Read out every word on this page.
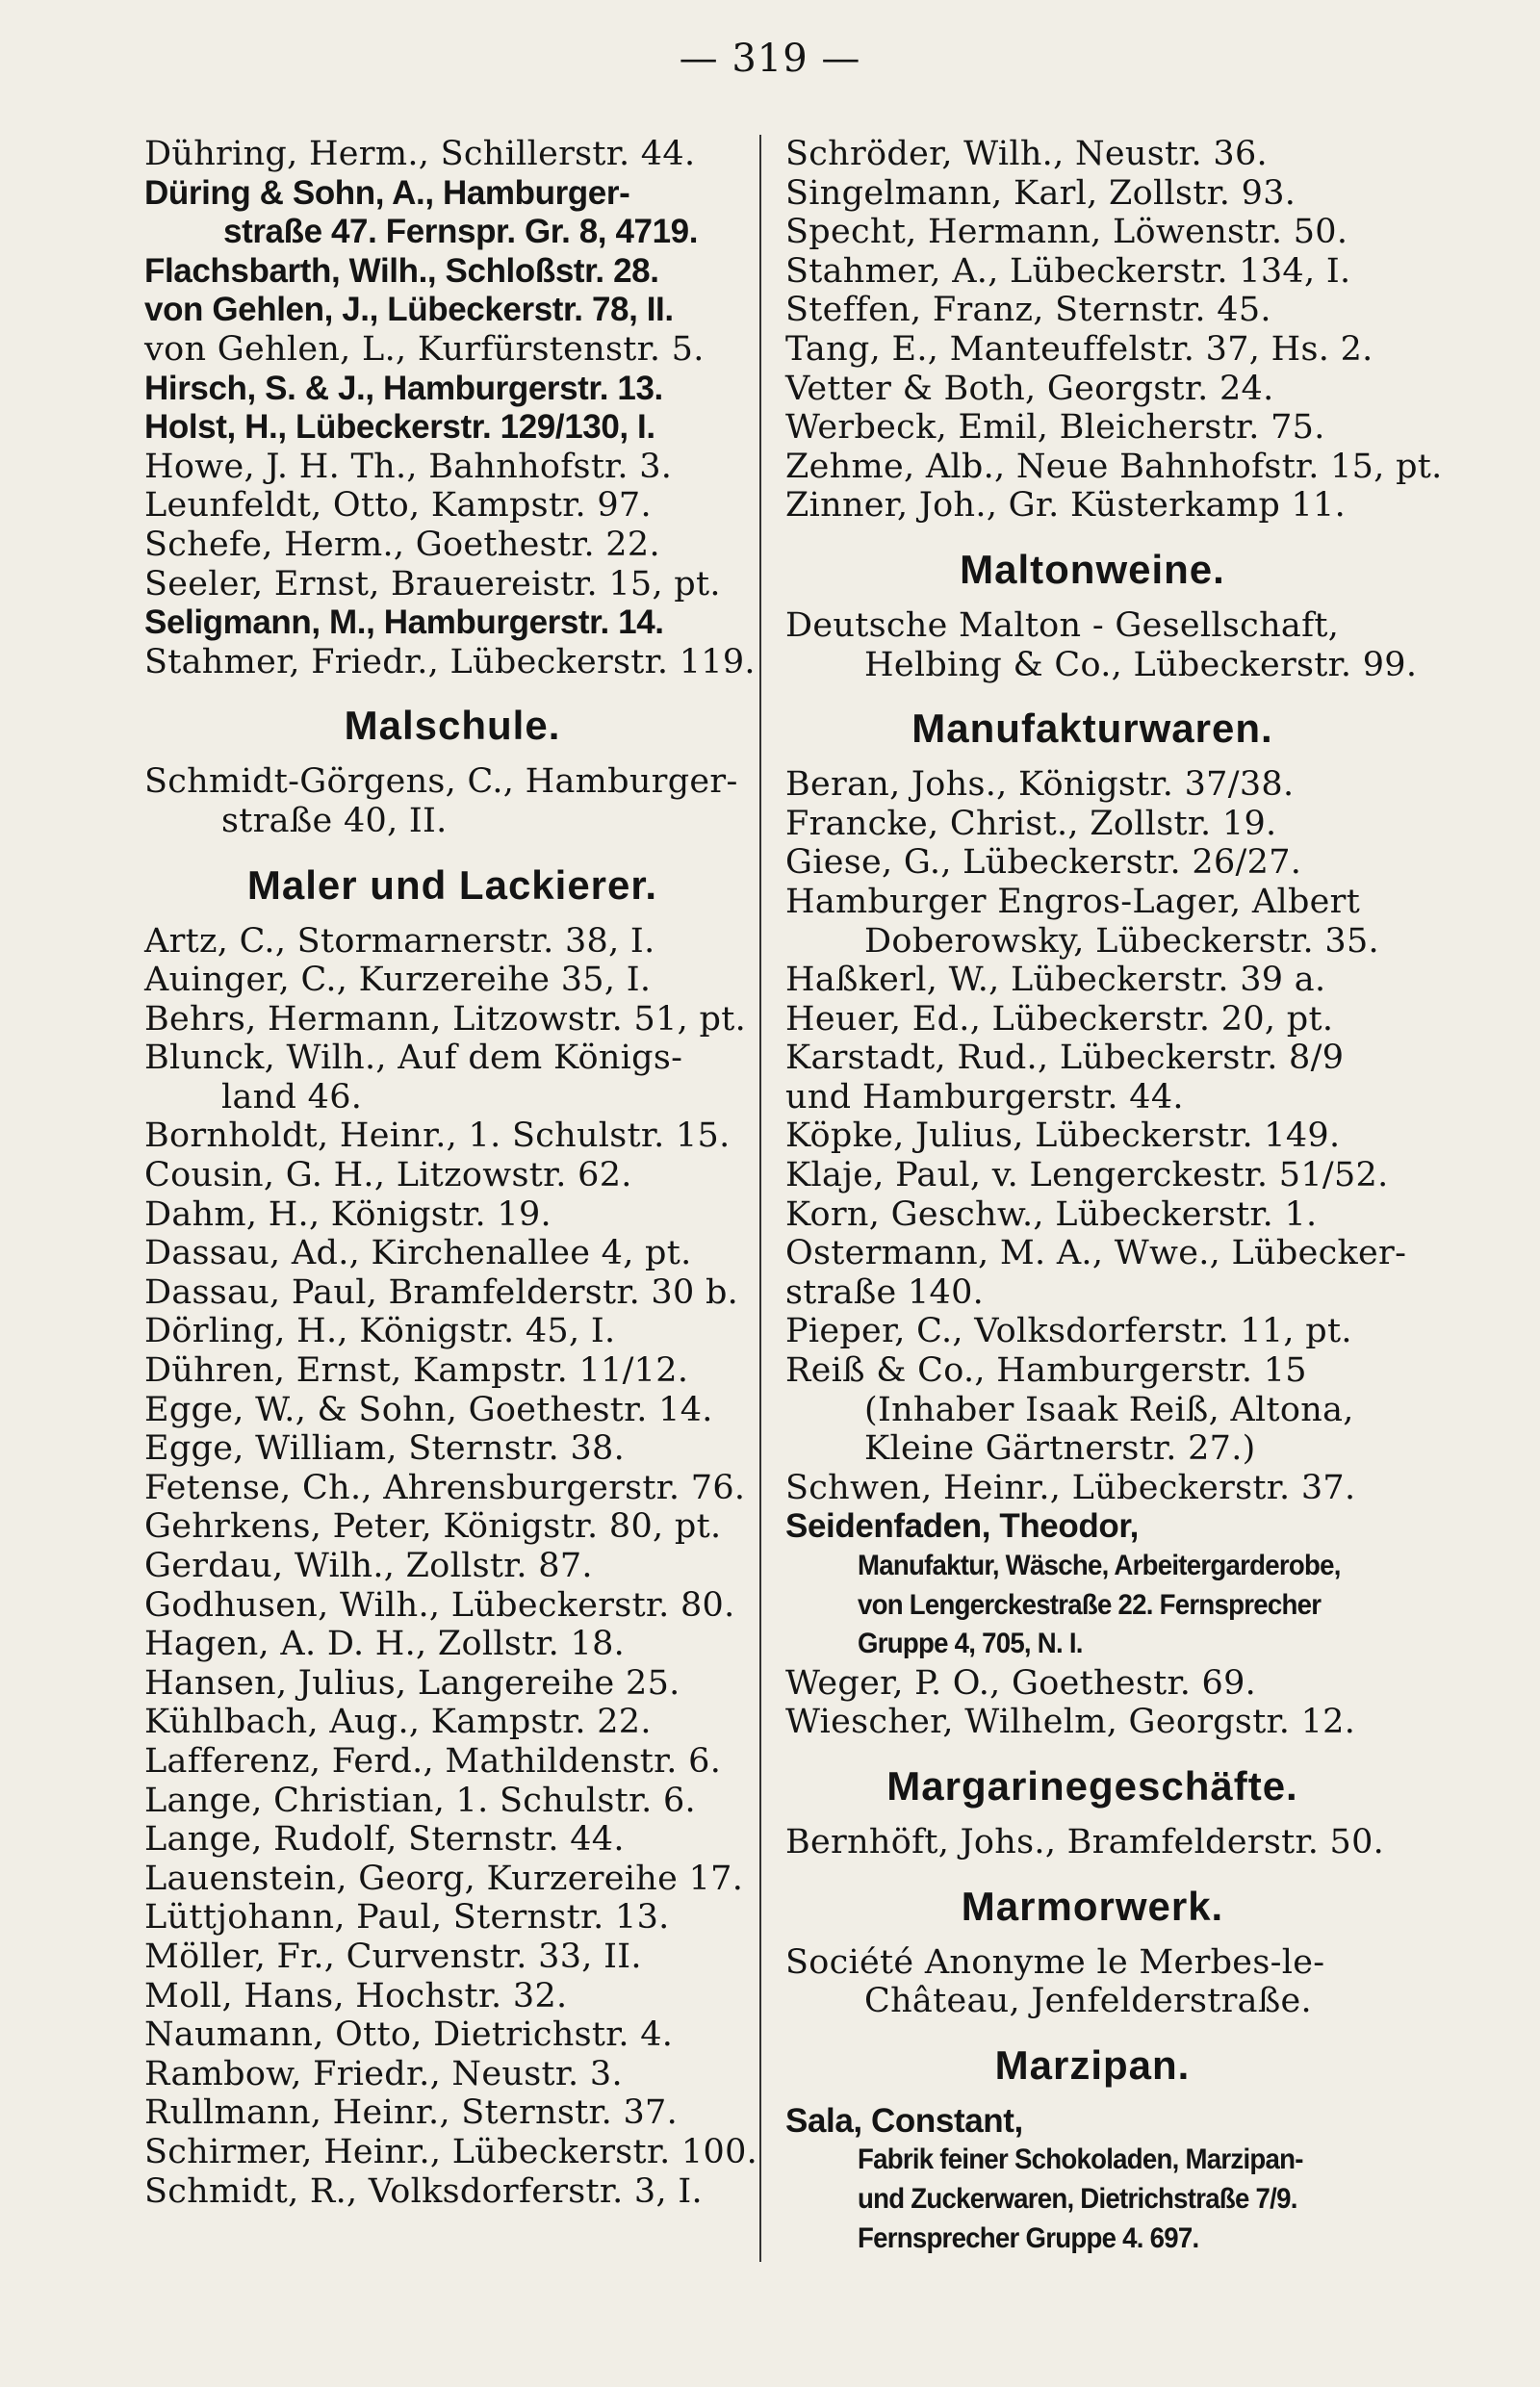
— 319 —
Dühring, Herm., Schillerstr. 44.
Düring & Sohn, A., Hamburger-
straße 47. Fernspr. Gr. 8, 4719.
Flachsbarth, Wilh., Schloßstr. 28.
von Gehlen, J., Lübeckerstr. 78, II.
von Gehlen, L., Kurfürstenstr. 5.
Hirsch, S. & J., Hamburgerstr. 13.
Holst, H., Lübeckerstr. 129/130, I.
Howe, J. H. Th., Bahnhofstr. 3.
Leunfeldt, Otto, Kampstr. 97.
Schefe, Herm., Goethestr. 22.
Seeler, Ernst, Brauereistr. 15, pt.
Seligmann, M., Hamburgerstr. 14.
Stahmer, Friedr., Lübeckerstr. 119.
Malschule.
Schmidt-Görgens, C., Hamburger-
straße 40, II.
Maler und Lackierer.
Artz, C., Stormarnerstr. 38, I.
Auinger, C., Kurzereihe 35, I.
Behrs, Hermann, Litzowstr. 51, pt.
Blunck, Wilh., Auf dem Königs-
land 46.
Bornholdt, Heinr., 1. Schulstr. 15.
Cousin, G. H., Litzowstr. 62.
Dahm, H., Königstr. 19.
Dassau, Ad., Kirchenallee 4, pt.
Dassau, Paul, Bramfelderstr. 30 b.
Dörling, H., Königstr. 45, I.
Dühren, Ernst, Kampstr. 11/12.
Egge, W., & Sohn, Goethestr. 14.
Egge, William, Sternstr. 38.
Fetense, Ch., Ahrensburgerstr. 76.
Gehrkens, Peter, Königstr. 80, pt.
Gerdau, Wilh., Zollstr. 87.
Godhusen, Wilh., Lübeckerstr. 80.
Hagen, A. D. H., Zollstr. 18.
Hansen, Julius, Langereihe 25.
Kühlbach, Aug., Kampstr. 22.
Lafferenz, Ferd., Mathildenstr. 6.
Lange, Christian, 1. Schulstr. 6.
Lange, Rudolf, Sternstr. 44.
Lauenstein, Georg, Kurzereihe 17.
Lüttjohann, Paul, Sternstr. 13.
Möller, Fr., Curvenstr. 33, II.
Moll, Hans, Hochstr. 32.
Naumann, Otto, Dietrichstr. 4.
Rambow, Friedr., Neustr. 3.
Rullmann, Heinr., Sternstr. 37.
Schirmer, Heinr., Lübeckerstr. 100.
Schmidt, R., Volksdorferstr. 3, I.
Schröder, Wilh., Neustr. 36.
Singelmann, Karl, Zollstr. 93.
Specht, Hermann, Löwenstr. 50.
Stahmer, A., Lübeckerstr. 134, I.
Steffen, Franz, Sternstr. 45.
Tang, E., Manteuffelstr. 37, Hs. 2.
Vetter & Both, Georgstr. 24.
Werbeck, Emil, Bleicherstr. 75.
Zehme, Alb., Neue Bahnhofstr. 15, pt.
Zinner, Joh., Gr. Küsterkamp 11.
Maltonweine.
Deutsche Malton - Gesellschaft,
Helbing & Co., Lübeckerstr. 99.
Manufakturwaren.
Beran, Johs., Königstr. 37/38.
Francke, Christ., Zollstr. 19.
Giese, G., Lübeckerstr. 26/27.
Hamburger Engros-Lager, Albert
Doberowsky, Lübeckerstr. 35.
Haßkerl, W., Lübeckerstr. 39 a.
Heuer, Ed., Lübeckerstr. 20, pt.
Karstadt, Rud., Lübeckerstr. 8/9
und Hamburgerstr. 44.
Köpke, Julius, Lübeckerstr. 149.
Klaje, Paul, v. Lengerckestr. 51/52.
Korn, Geschw., Lübeckerstr. 1.
Ostermann, M. A., Wwe., Lübecker-
straße 140.
Pieper, C., Volksdorferstr. 11, pt.
Reiß & Co., Hamburgerstr. 15
(Inhaber Isaak Reiß, Altona,
Kleine Gärtnerstr. 27.)
Schwen, Heinr., Lübeckerstr. 37.
Seidenfaden, Theodor,
Manufaktur, Wäsche, Arbeitergarderobe,
von Lengerckestraße 22. Fernsprecher
Gruppe 4, 705, N. I.
Weger, P. O., Goethestr. 69.
Wiescher, Wilhelm, Georgstr. 12.
Margarinegeschäfte.
Bernhöft, Johs., Bramfelderstr. 50.
Marmorwerk.
Société Anonyme le Merbes-le-
Château, Jenfelderstraße.
Marzipan.
Sala, Constant,
Fabrik feiner Schokoladen, Marzipan-
und Zuckerwaren, Dietrichstraße 7/9.
Fernsprecher Gruppe 4. 697.
